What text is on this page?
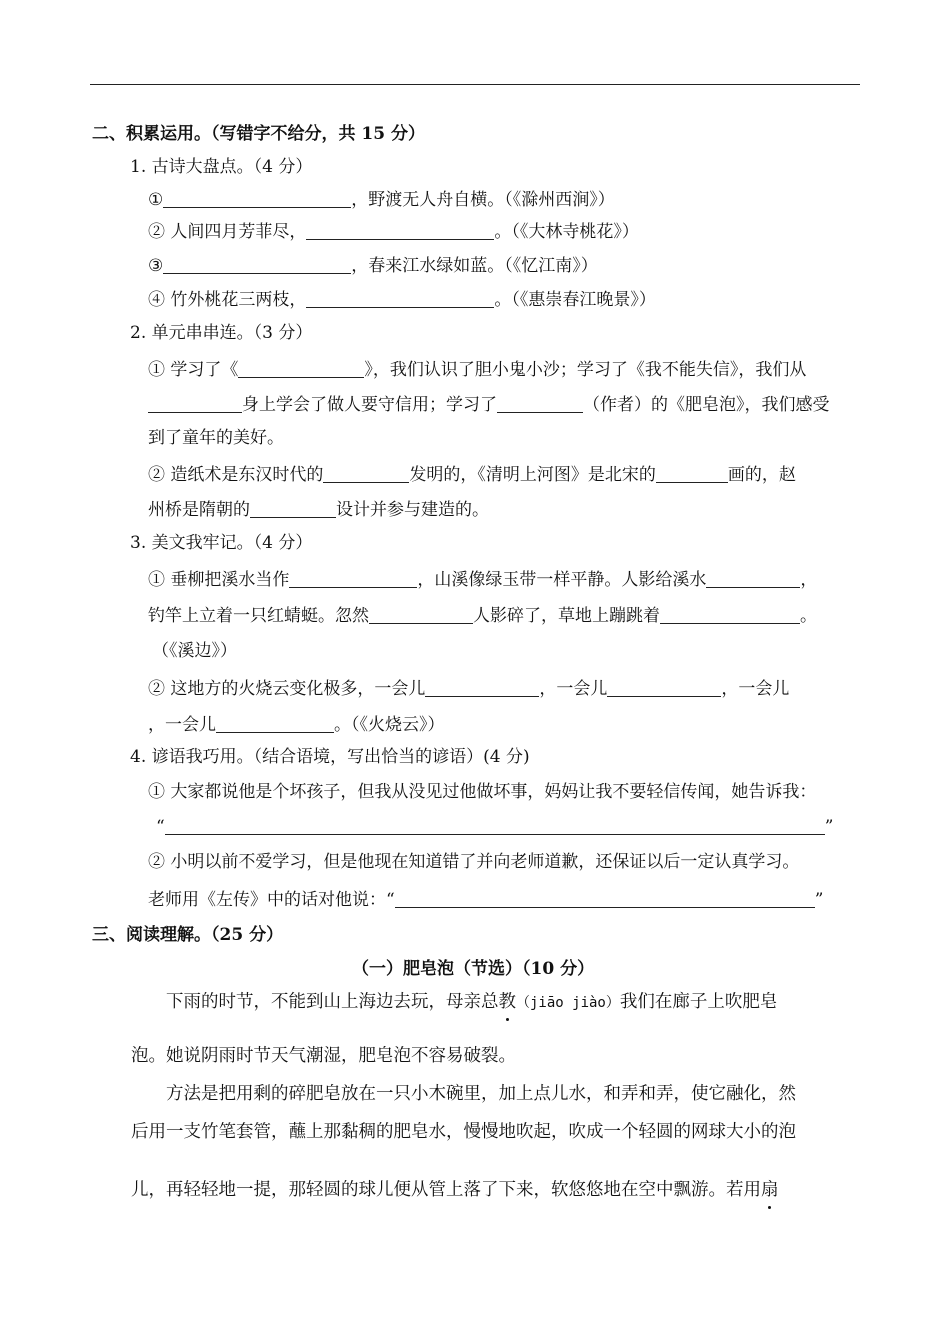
二、积累运用。（写错字不给分，共 15 分）
1. 古诗大盘点。（4 分）
①	，野渡无人舟自横。（《滁州西涧》）
② 人间四月芳菲尽，	。（《大林寺桃花》）
③	，春来江水绿如蓝。（《忆江南》）
④ 竹外桃花三两枝，	。（《惠崇春江晚景》）
2. 单元串串连。（3 分）
① 学习了《	》，我们认识了胆小鬼小沙；学习了《我不能失信》，我们从
身上学会了做人要守信用；学习了	（作者）的《肥皂泡》，我们感受
到了童年的美好。
② 造纸术是东汉时代的	发明的，《清明上河图》是北宋的	画的，赵
州桥是隋朝的	设计并参与建造的。
3. 美文我牢记。（4 分）
① 垂柳把溪水当作	，山溪像绿玉带一样平静。人影给溪水	，
钓竿上立着一只红蜻蜓。忽然	人影碎了，草地上蹦跳着	。
（《溪边》）
② 这地方的火烧云变化极多，一会儿	，一会儿	，一会儿
，一会儿	。（《火烧云》）
4. 谚语我巧用。（结合语境，写出恰当的谚语）(4 分)
① 大家都说他是个坏孩子，但我从没见过他做坏事，妈妈让我不要轻信传闻，她告诉我：
“	”
② 小明以前不爱学习，但是他现在知道错了并向老师道歉，还保证以后一定认真学习。
老师用《左传》中的话对他说：“	”
三、阅读理解。（25 分）
（一）肥皂泡（节选）（10 分）
下雨的时节，不能到山上海边去玩，母亲总教（jiāo jiào）我们在廊子上吹肥皂
泡。她说阴雨时节天气潮湿，肥皂泡不容易破裂。
方法是把用剩的碎肥皂放在一只小木碗里，加上点儿水，和弄和弄，使它融化，然
后用一支竹笔套管，蘸上那黏稠的肥皂水，慢慢地吹起，吹成一个轻圆的网球大小的泡
儿，再轻轻地一提，那轻圆的球儿便从管上落了下来，软悠悠地在空中飘游。若用扇
